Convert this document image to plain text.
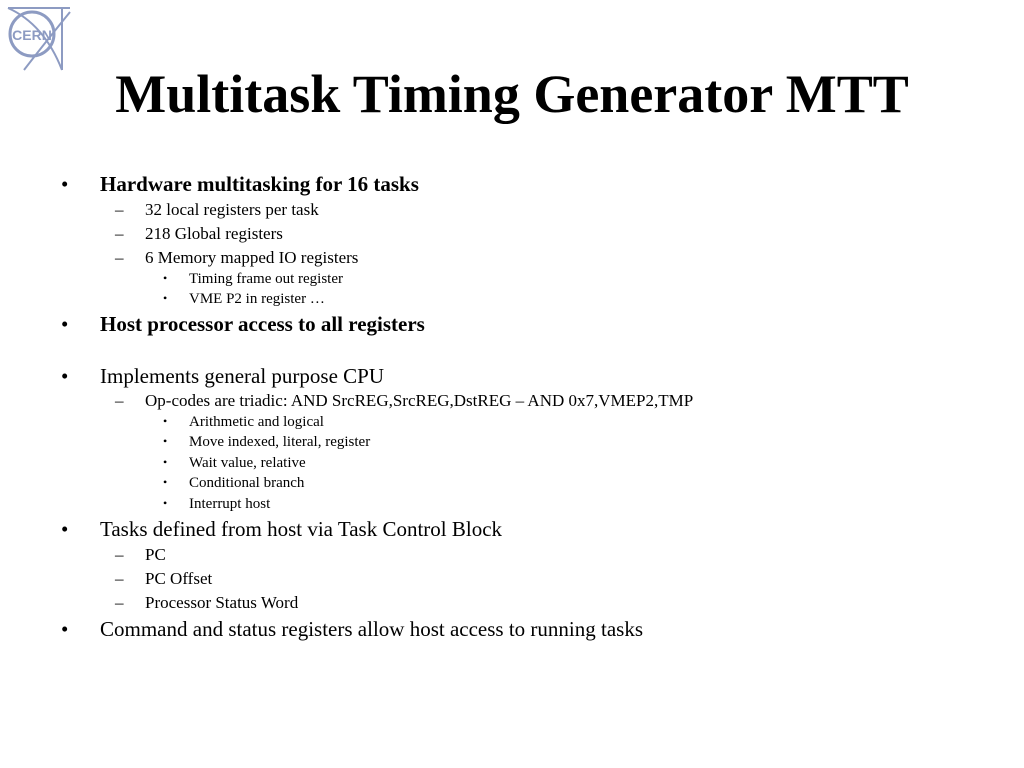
CERN
Multitask Timing Generator MTT
• Hardware multitasking for 16 tasks
– 32 local registers per task
– 218 Global registers
– 6 Memory mapped IO registers
• Timing frame out register
• VME P2 in register …
• Host processor access to all registers
• Implements general purpose CPU
– Op-codes are triadic: AND SrcREG,SrcREG,DstREG – AND 0x7,VMEP2,TMP
• Arithmetic and logical
• Move indexed, literal, register
• Wait value, relative
• Conditional branch
• Interrupt host
• Tasks defined from host via Task Control Block
– PC
– PC Offset
– Processor Status Word
• Command and status registers allow host access to running tasks
